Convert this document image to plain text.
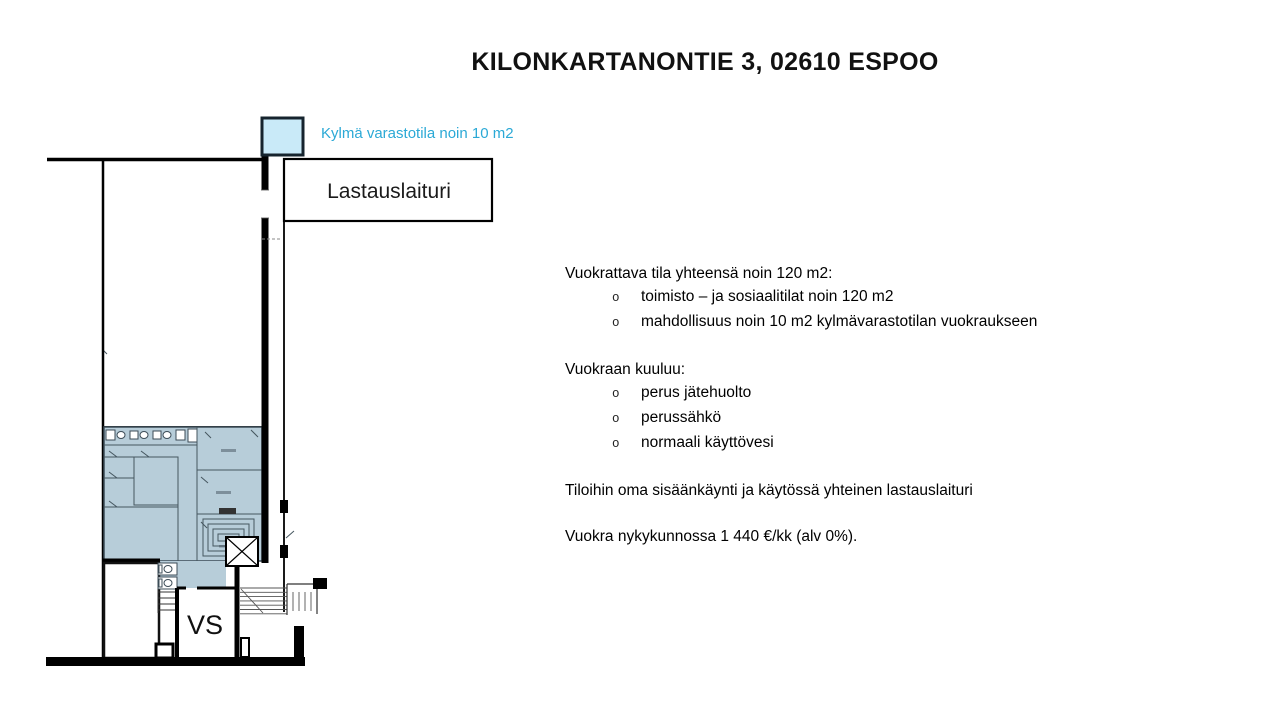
KILONKARTANONTIE 3, 02610 ESPOO
Kylmä varastotila noin 10 m2
Lastauslaituri
VS
Vuokrattava tila yhteensä noin 120 m2:
o toimisto – ja sosiaalitilat noin 120 m2
o mahdollisuus noin 10 m2 kylmävarastotilan vuokraukseen
Vuokraan kuuluu:
o perus jätehuolto
o perussähkö
o normaali käyttövesi
Tiloihin oma sisäänkäynti ja käytössä yhteinen lastauslaituri
Vuokra nykykunnossa 1 440 €/kk (alv 0%).
